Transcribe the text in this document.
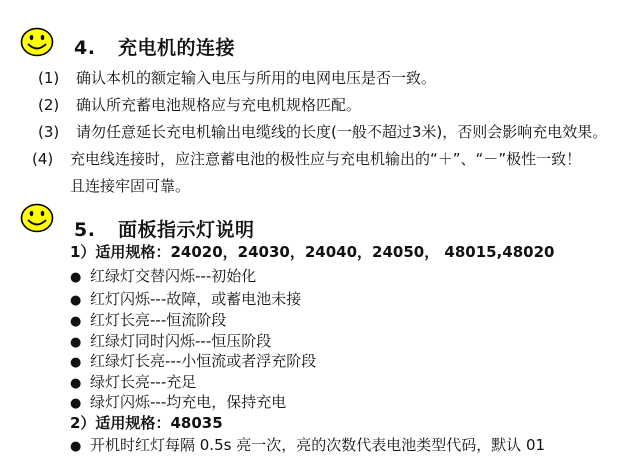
4. 充电机的连接
(1) 确认本机的额定输入电压与所用的电网电压是否一致。
(2) 确认所充蓄电池规格应与充电机规格匹配。
(3) 请勿任意延长充电机输出电缆线的长度(一般不超过3米)，否则会影响充电效果。
(4) 充电线连接时，应注意蓄电池的极性应与充电机输出的“＋”、“－”极性一致！
且连接牢固可靠。
5. 面板指示灯说明
1）适用规格：24020，24030，24040，24050， 48015,48020
● 红绿灯交替闪烁---初始化
● 红灯闪烁---故障，或蓄电池未接
● 红灯长亮---恒流阶段
● 红绿灯同时闪烁---恒压阶段
● 红绿灯长亮---小恒流或者浮充阶段
● 绿灯长亮---充足
● 绿灯闪烁---均充电，保持充电
2）适用规格：48035
● 开机时红灯每隔 0.5s 亮一次，亮的次数代表电池类型代码，默认 01
